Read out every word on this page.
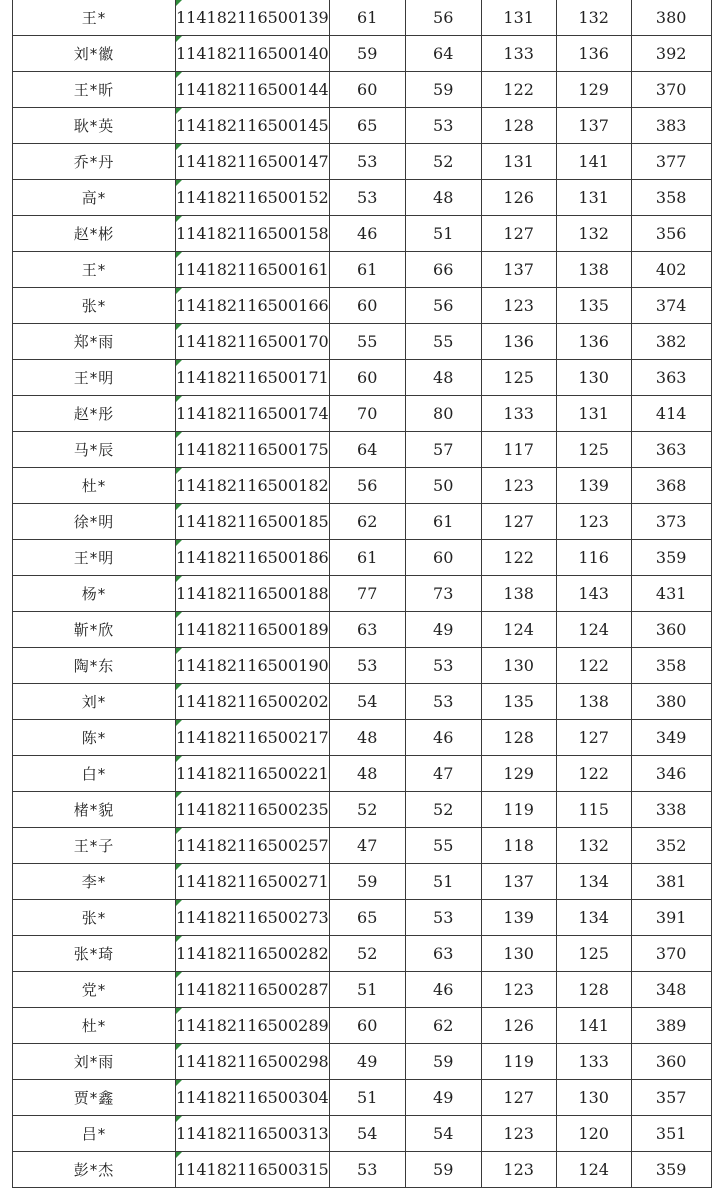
王*	114182116500139	61	56	131	132	380
刘*徽	114182116500140	59	64	133	136	392
王*昕	114182116500144	60	59	122	129	370
耿*英	114182116500145	65	53	128	137	383
乔*丹	114182116500147	53	52	131	141	377
高*	114182116500152	53	48	126	131	358
赵*彬	114182116500158	46	51	127	132	356
王*	114182116500161	61	66	137	138	402
张*	114182116500166	60	56	123	135	374
郑*雨	114182116500170	55	55	136	136	382
王*明	114182116500171	60	48	125	130	363
赵*彤	114182116500174	70	80	133	131	414
马*辰	114182116500175	64	57	117	125	363
杜*	114182116500182	56	50	123	139	368
徐*明	114182116500185	62	61	127	123	373
王*明	114182116500186	61	60	122	116	359
杨*	114182116500188	77	73	138	143	431
靳*欣	114182116500189	63	49	124	124	360
陶*东	114182116500190	53	53	130	122	358
刘*	114182116500202	54	53	135	138	380
陈*	114182116500217	48	46	128	127	349
白*	114182116500221	48	47	129	122	346
楮*貌	114182116500235	52	52	119	115	338
王*子	114182116500257	47	55	118	132	352
李*	114182116500271	59	51	137	134	381
张*	114182116500273	65	53	139	134	391
张*琦	114182116500282	52	63	130	125	370
党*	114182116500287	51	46	123	128	348
杜*	114182116500289	60	62	126	141	389
刘*雨	114182116500298	49	59	119	133	360
贾*鑫	114182116500304	51	49	127	130	357
吕*	114182116500313	54	54	123	120	351
彭*杰	114182116500315	53	59	123	124	359
